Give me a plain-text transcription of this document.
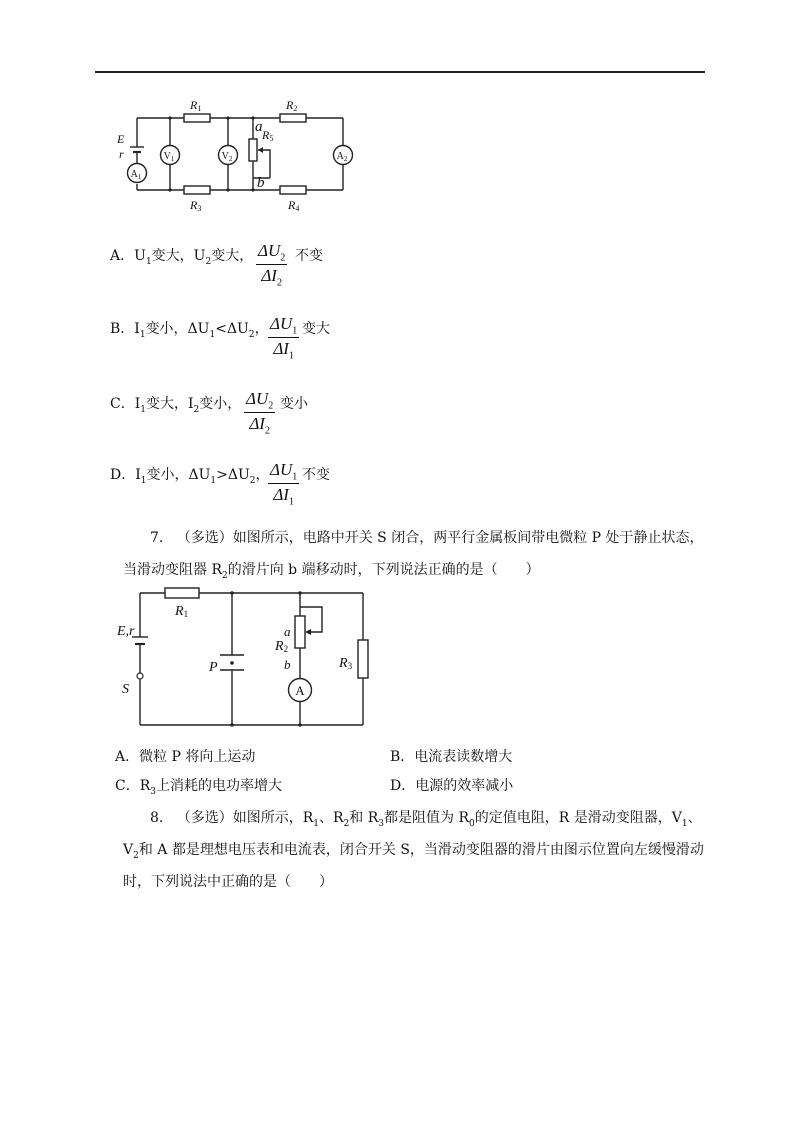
E
r
R1	R2
R3	R4
R5
a
b
$V_1$	$V_2$
$A_1$
$A_2$
A．$U_1$变大，$U_2$变大， $\frac{\Delta U_2}{\Delta I_2}$ 不变
B．$I_1$变小，$\Delta U_1<\Delta U_2$， $\frac{\Delta U_1}{\Delta I_1}$ 变大
C．$I_1$变大，$I_2$变小， $\frac{\Delta U_2}{\Delta I_2}$ 变小
D．$I_1$变小，$\Delta U_1>\Delta U_2$，
$\frac{\Delta U_1}{\Delta I_1}$ 不变
7. （多选）如图所示，电路中开关 S 闭合，两平行金属板间带电微粒 P 处于静止状态，
当滑动变阻器 $R_2$的滑片向 b 端移动时，下列说法正确的是（　　）
E,r
S
P
R1
R2
R3
a
b
A
A．微粒 P 将向上运动	B．电流表读数增大
C．$R_3$上消耗的电功率增大	D．电源的效率减小
8. （多选）如图所示，$R_1$、$R_2$和 $R_3$都是阻值为 $R_0$的定值电阻，R 是滑动变阻器，$V_1$、
$V_2$和 A 都是理想电压表和电流表，闭合开关 S，当滑动变阻器的滑片由图示位置向左缓慢滑动
时，下列说法中正确的是（　　）
